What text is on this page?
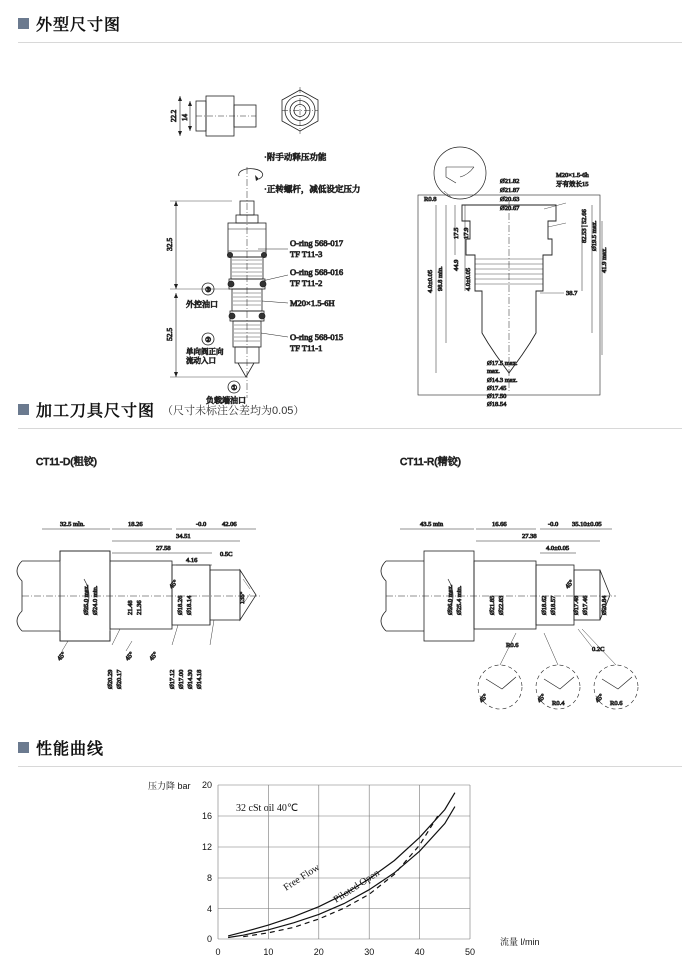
外型尺寸图
22.2 14
·附手动释压功能
·正转螺杆，减低设定压力
32.5
52.5
③
外控油口
②
单向阀正向
流动入口
①
负载端油口
O-ring 568-017
TF T11-3
O-ring 568-016
TF T11-2
M20×1.5-6H
O-ring 568-015
TF T11-1
R0.8
Ø21.82
Ø21.87
Ø20.63
Ø20.67
M20×1.5-6h
牙有效长15
82.53 | 52.66 Ø19.5 max.
41.9 max.
38.7
4.0±0.05 98.8 min.
17.5 17.9
44.9
4.0±0.05
Ø17.5 max.
max.
Ø14.3 max.
Ø17.45
Ø17.50
Ø18.54
加工刀具尺寸图 （尺寸未标注公差均为0.05）
CT11-D(粗铰)
32.5 mln.	18.26	-0.0 42.06
34.51
27.58
4.16
0.5C
Ø25.0 max. Ø24.0 min.	21.48 21.36	Ø18.26 Ø18.14
45°
135°
Ø20.29 Ø20.17	Ø17.12 Ø17.00 Ø14.30 Ø14.18
45°	45° 45°
CT11-R(精铰)
43.5 min	16.66	-0.0 35.10±0.05
27.38
4.0±0.05
Ø26.0 max. Ø25.4 min.	Ø21.85 Ø22.83	Ø18.62 Ø18.57 Ø17.48 Ø17.46 Ø20.84
45°
0.2C
R0.6
45°	45°	45°
R0.4	R0.6
性能曲线
压力降 bar
流量 l/min
32 cSt oil 40℃
20
16
12
8
4
0
0	10	20	30	40	50
Free Flow Piloted Open
